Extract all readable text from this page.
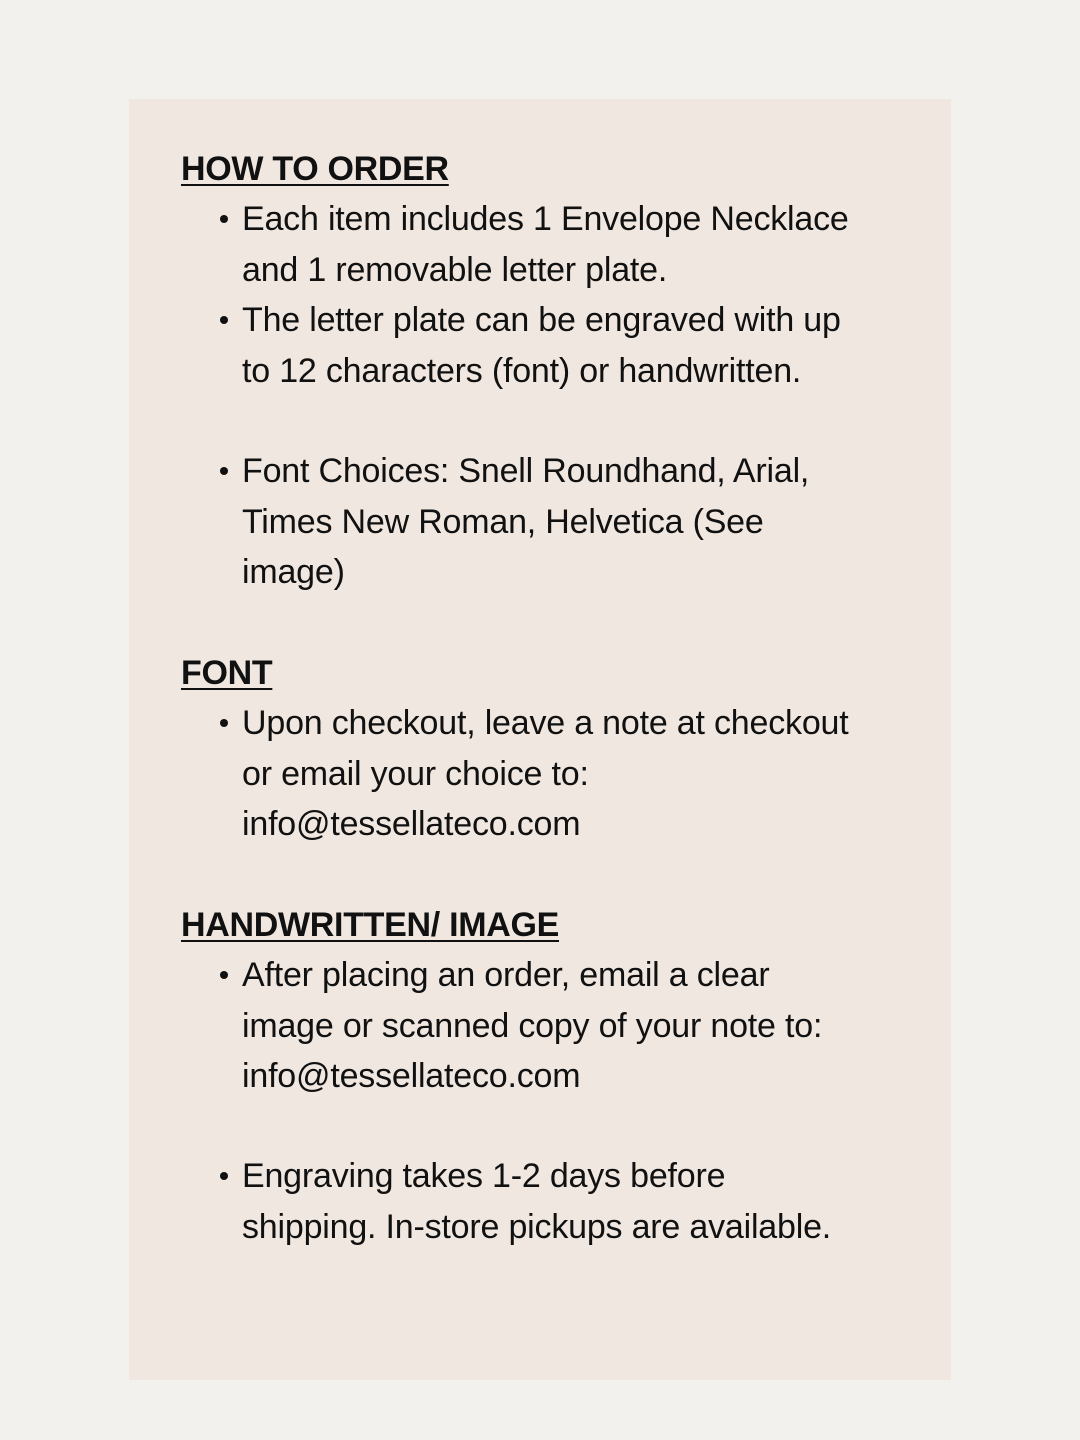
HOW TO ORDER
Each item includes 1 Envelope Necklace
and 1 removable letter plate.
The letter plate can be engraved with up
to 12 characters (font) or handwritten.
Font Choices: Snell Roundhand, Arial,
Times New Roman, Helvetica (See
image)
FONT
Upon checkout, leave a note at checkout
or email your choice to:
info@tessellateco.com
HANDWRITTEN/ IMAGE
After placing an order, email a clear
image or scanned copy of your note to:
info@tessellateco.com
Engraving takes 1-2 days before
shipping. In-store pickups are available.
